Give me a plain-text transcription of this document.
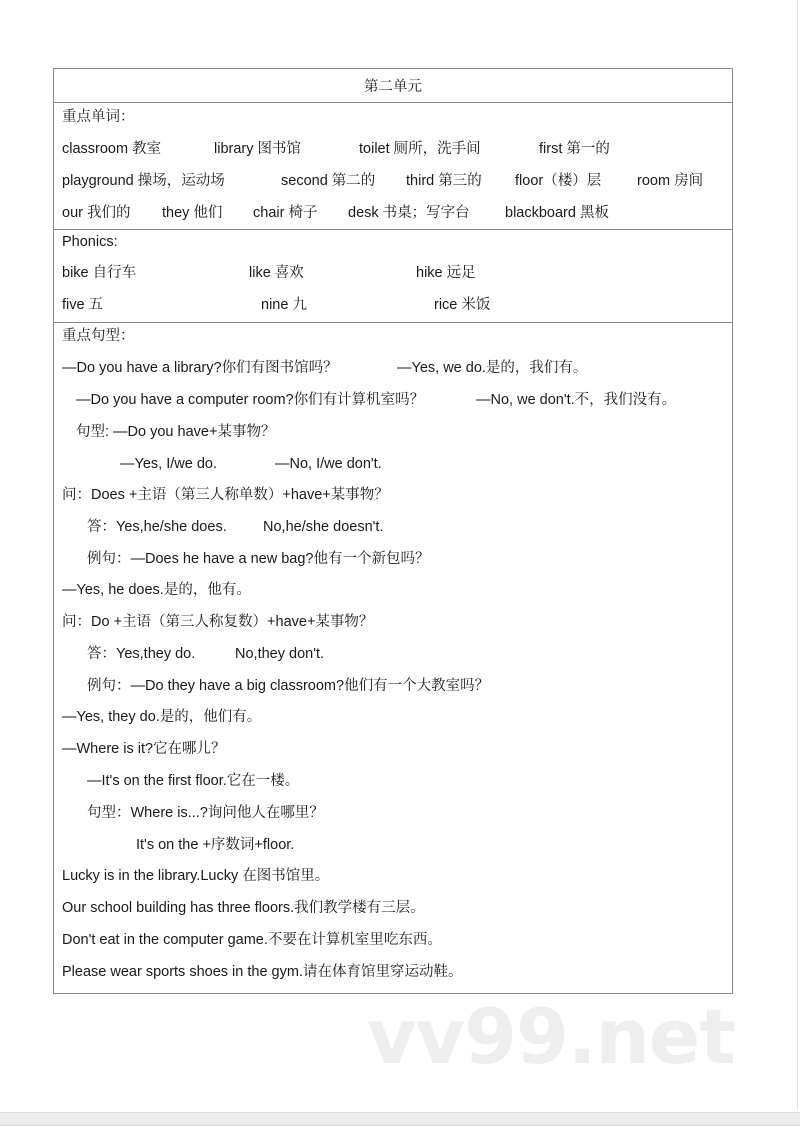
第二单元
重点单词：
classroom 教室	library 图书馆	toilet 厕所，洗手间	first 第一的
playground 操场，运动场	second 第二的 third 第三的 floor（楼）层 room 房间
our 我们的 they 他们 chair 椅子 desk 书桌；写字台 blackboard 黑板
Phonics:
bike 自行车	like 喜欢	hike 远足
five 五	nine 九	rice 米饭
重点句型：
—Do you have a library?你们有图书馆吗？	—Yes, we do.是的，我们有。
—Do you have a computer room?你们有计算机室吗？	—No, we don't.不，我们没有。
句型: —Do you have+某事物？
—Yes, I/we do.	—No, I/we don't.
问：Does +主语（第三人称单数）+have+某事物？
答：Yes,he/she does.	No,he/she doesn't.
例句：—Does he have a new bag?他有一个新包吗？
—Yes, he does.是的，他有。
问：Do +主语（第三人称复数）+have+某事物？
答：Yes,they do.	No,they don't.
例句：—Do they have a big classroom?他们有一个大教室吗？
—Yes, they do.是的，他们有。
—Where is it?它在哪儿？
—It's on the first floor.它在一楼。
句型：Where is...?询问他人在哪里？
It's on the +序数词+floor.
Lucky is in the library.Lucky 在图书馆里。
Our school building has three floors.我们教学楼有三层。
Don't eat in the computer game.不要在计算机室里吃东西。
Please wear sports shoes in the gym.请在体育馆里穿运动鞋。
vv99.net
